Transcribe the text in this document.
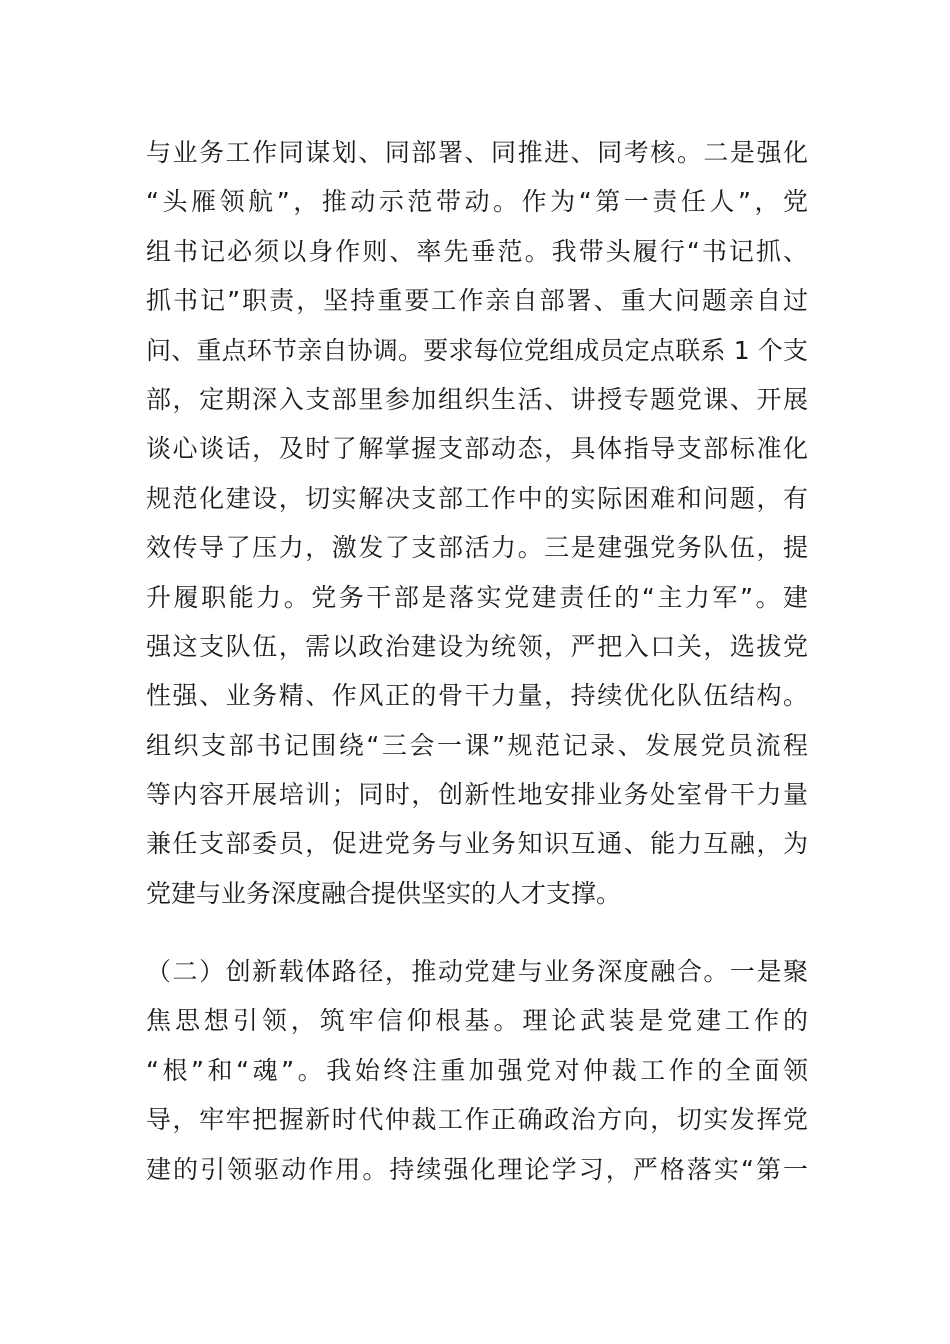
与业务工作同谋划、同部署、同推进、同考核。二是强化
“头雁领航”，推动示范带动。作为“第一责任人”，党
组书记必须以身作则、率先垂范。我带头履行“书记抓、
抓书记”职责，坚持重要工作亲自部署、重大问题亲自过
问、重点环节亲自协调。要求每位党组成员定点联系 1 个支
部，定期深入支部里参加组织生活、讲授专题党课、开展
谈心谈话，及时了解掌握支部动态，具体指导支部标准化
规范化建设，切实解决支部工作中的实际困难和问题，有
效传导了压力，激发了支部活力。三是建强党务队伍，提
升履职能力。党务干部是落实党建责任的“主力军”。建
强这支队伍，需以政治建设为统领，严把入口关，选拔党
性强、业务精、作风正的骨干力量，持续优化队伍结构。
组织支部书记围绕“三会一课”规范记录、发展党员流程
等内容开展培训；同时，创新性地安排业务处室骨干力量
兼任支部委员，促进党务与业务知识互通、能力互融，为
党建与业务深度融合提供坚实的人才支撑。
（二）创新载体路径，推动党建与业务深度融合。一是聚
焦思想引领，筑牢信仰根基。理论武装是党建工作的
“根”和“魂”。我始终注重加强党对仲裁工作的全面领
导，牢牢把握新时代仲裁工作正确政治方向，切实发挥党
建的引领驱动作用。持续强化理论学习，严格落实“第一
